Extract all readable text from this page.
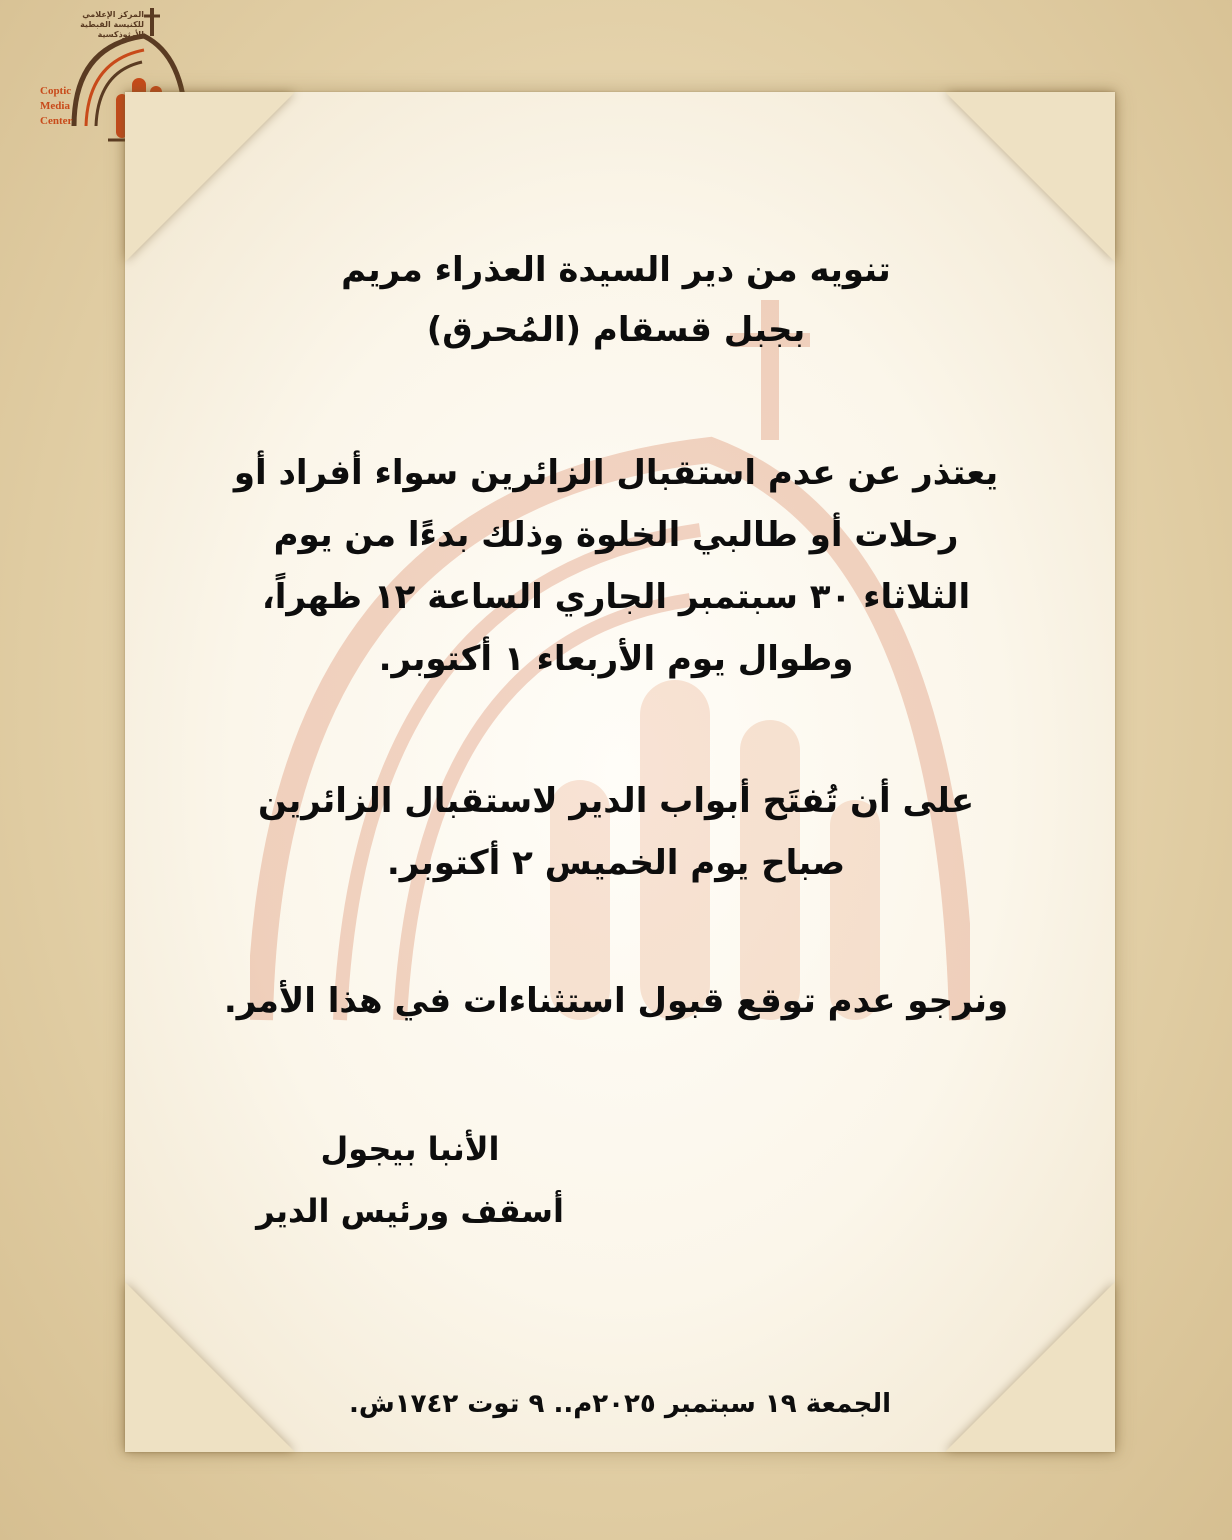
المركز الإعلامي
للكنيسة القبطية الأرثوذكسية
Coptic
Media
Center
تنويه من دير السيدة العذراء مريم
بجبل قسقام (المُحرق)
يعتذر عن عدم استقبال الزائرين سواء أفراد أو
رحلات أو طالبي الخلوة وذلك بدءًا من يوم
الثلاثاء ٣٠ سبتمبر الجاري الساعة ١٢ ظهراً،
وطوال يوم الأربعاء ١ أكتوبر.
على أن تُفتَح أبواب الدير لاستقبال الزائرين
صباح يوم الخميس ٢ أكتوبر.
ونرجو عدم توقع قبول استثناءات في هذا الأمر.
الأنبا بيجول
أسقف ورئيس الدير
الجمعة ١٩ سبتمبر ٢٠٢٥م.. ٩ توت ١٧٤٢ش.
